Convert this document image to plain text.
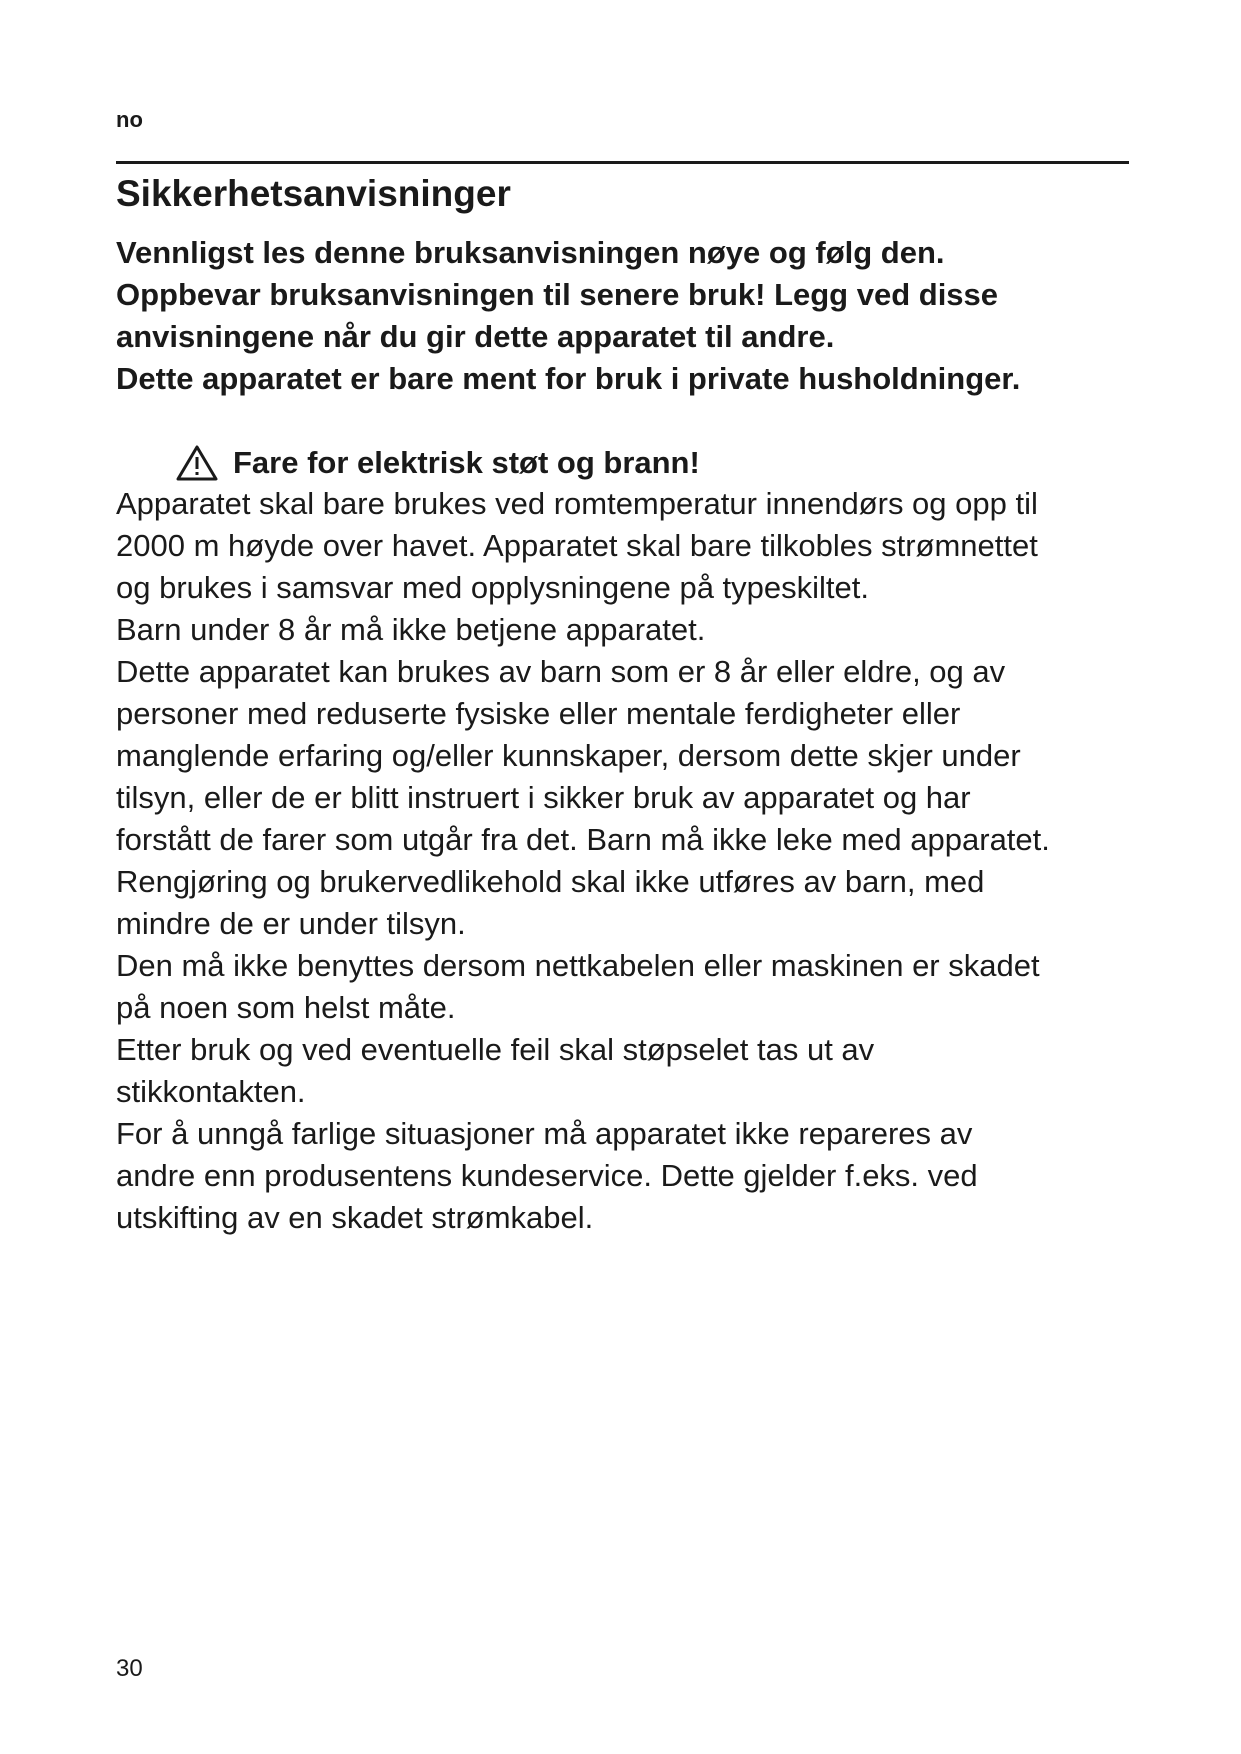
no
Sikkerhetsanvisninger

Vennligst les denne bruksanvisningen nøye og følg den.

Oppbevar bruksanvisningen til senere bruk! Legg ved disse

anvisningene når du gir dette apparatet til andre.

Dette apparatet er bare ment for bruk i private husholdninger.

Fare for elektrisk støt og brann!

Apparatet skal bare brukes ved romtemperatur innendørs og opp til

2000 m høyde over havet. Apparatet skal bare tilkobles strømnettet

og brukes i samsvar med opplysningene på typeskiltet.

Barn under 8 år må ikke betjene apparatet.

Dette apparatet kan brukes av barn som er 8 år eller eldre, og av

personer med reduserte fysiske eller mentale ferdigheter eller

manglende erfaring og/eller kunnskaper, dersom dette skjer under

tilsyn, eller de er blitt instruert i sikker bruk av apparatet og har

forstått de farer som utgår fra det. Barn må ikke leke med apparatet.

Rengjøring og brukervedlikehold skal ikke utføres av barn, med

mindre de er under tilsyn.

Den må ikke benyttes dersom nettkabelen eller maskinen er skadet

på noen som helst måte.

Etter bruk og ved eventuelle feil skal støpselet tas ut av

stikkontakten.

For å unngå farlige situasjoner må apparatet ikke repareres av

andre enn produsentens kundeservice. Dette gjelder f.eks. ved

utskifting av en skadet strømkabel.

30
